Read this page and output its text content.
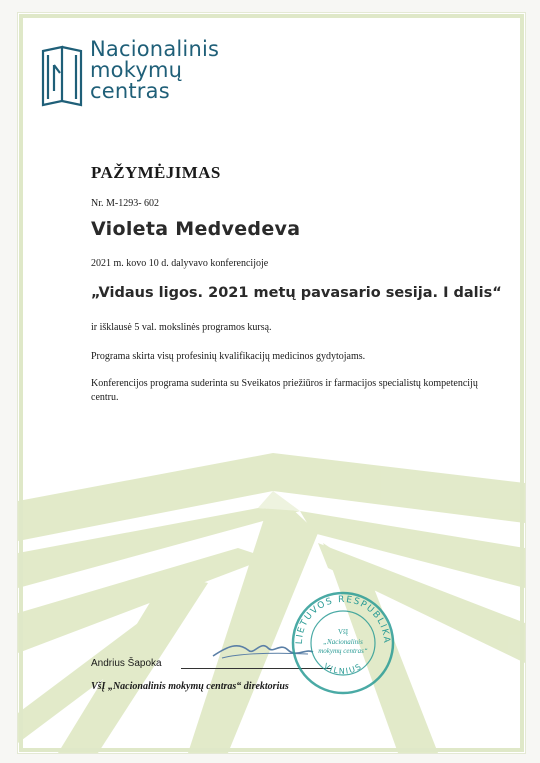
Nacionalinis
mokymų
centras
PAŽYMĖJIMAS
Nr. M-1293- 602
Violeta Medvedeva
2021 m. kovo 10 d. dalyvavo konferencijoje
„Vidaus ligos. 2021 metų pavasario sesija. I dalis“
ir išklausė 5 val. mokslinės programos kursą.
Programa skirta visų profesinių kvalifikacijų medicinos gydytojams.
Konferencijos programa suderinta su Sveikatos priežiūros ir farmacijos specialistų kompetencijų centru.
Andrius Šapoka
VšĮ „Nacionalinis mokymų centras“ direktorius
LIETUVOS RESPUBLIKA
VILNIUS
VšĮ
„Nacionalinis
mokymų centras“
